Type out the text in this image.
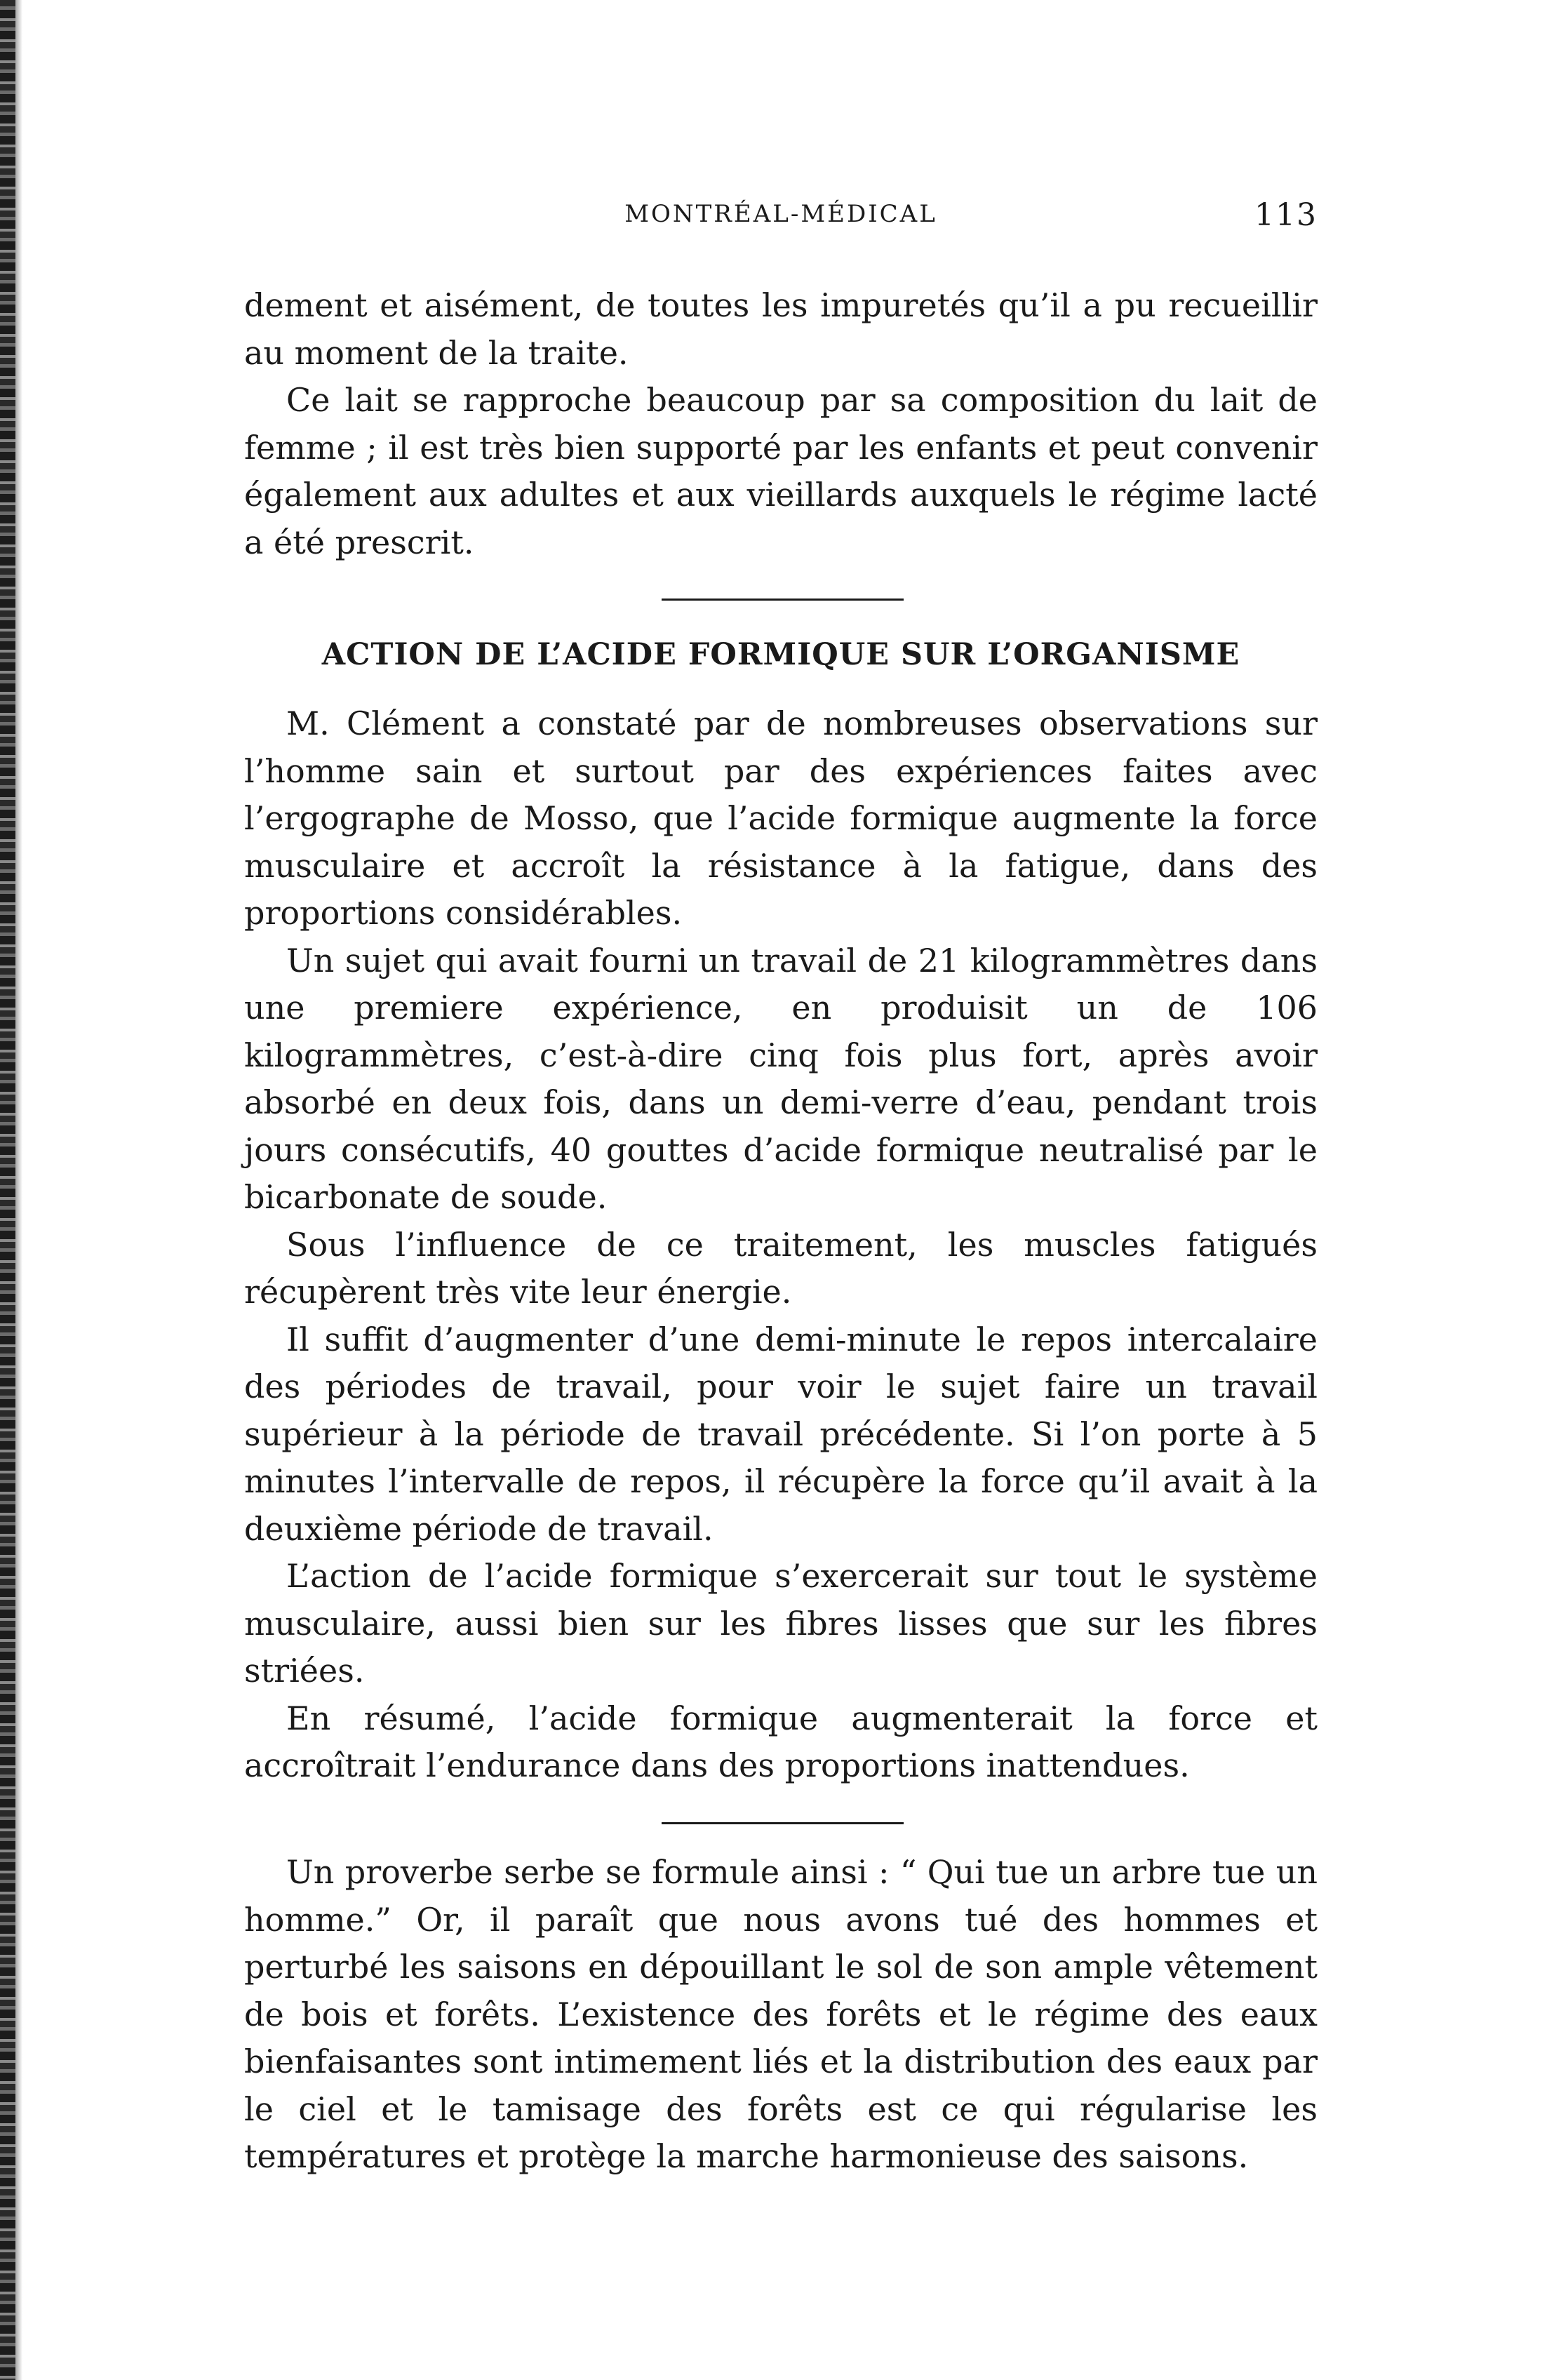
MONTRÉAL-MÉDICAL	113

dement et aisément, de toutes les impuretés qu’il a pu recueillir au moment de la traite.

Ce lait se rapproche beaucoup par sa composition du lait de femme ; il est très bien supporté par les enfants et peut convenir également aux adultes et aux vieillards auxquels le régime lacté a été prescrit.

ACTION DE L’ACIDE FORMIQUE SUR L’ORGANISME

M. Clément a constaté par de nombreuses observations sur l’homme sain et surtout par des expériences faites avec l’ergographe de Mosso, que l’acide formique augmente la force musculaire et accroît la résistance à la fatigue, dans des proportions considérables.

Un sujet qui avait fourni un travail de 21 kilogrammètres dans une premiere expérience, en produisit un de 106 kilogrammètres, c’est-à-dire cinq fois plus fort, après avoir absorbé en deux fois, dans un demi-verre d’eau, pendant trois jours consécutifs, 40 gouttes d’acide formique neutralisé par le bicarbonate de soude.

Sous l’influence de ce traitement, les muscles fatigués récupèrent très vite leur énergie.

Il suffit d’augmenter d’une demi-minute le repos intercalaire des périodes de travail, pour voir le sujet faire un travail supérieur à la période de travail précédente. Si l’on porte à 5 minutes l’intervalle de repos, il récupère la force qu’il avait à la deuxième période de travail.

L’action de l’acide formique s’exercerait sur tout le système musculaire, aussi bien sur les fibres lisses que sur les fibres striées.

En résumé, l’acide formique augmenterait la force et accroîtrait l’endurance dans des proportions inattendues.

Un proverbe serbe se formule ainsi : “ Qui tue un arbre tue un homme.” Or, il paraît que nous avons tué des hommes et perturbé les saisons en dépouillant le sol de son ample vêtement de bois et forêts. L’existence des forêts et le régime des eaux bienfaisantes sont intimement liés et la distribution des eaux par le ciel et le tamisage des forêts est ce qui régularise les températures et protège la marche harmonieuse des saisons.
